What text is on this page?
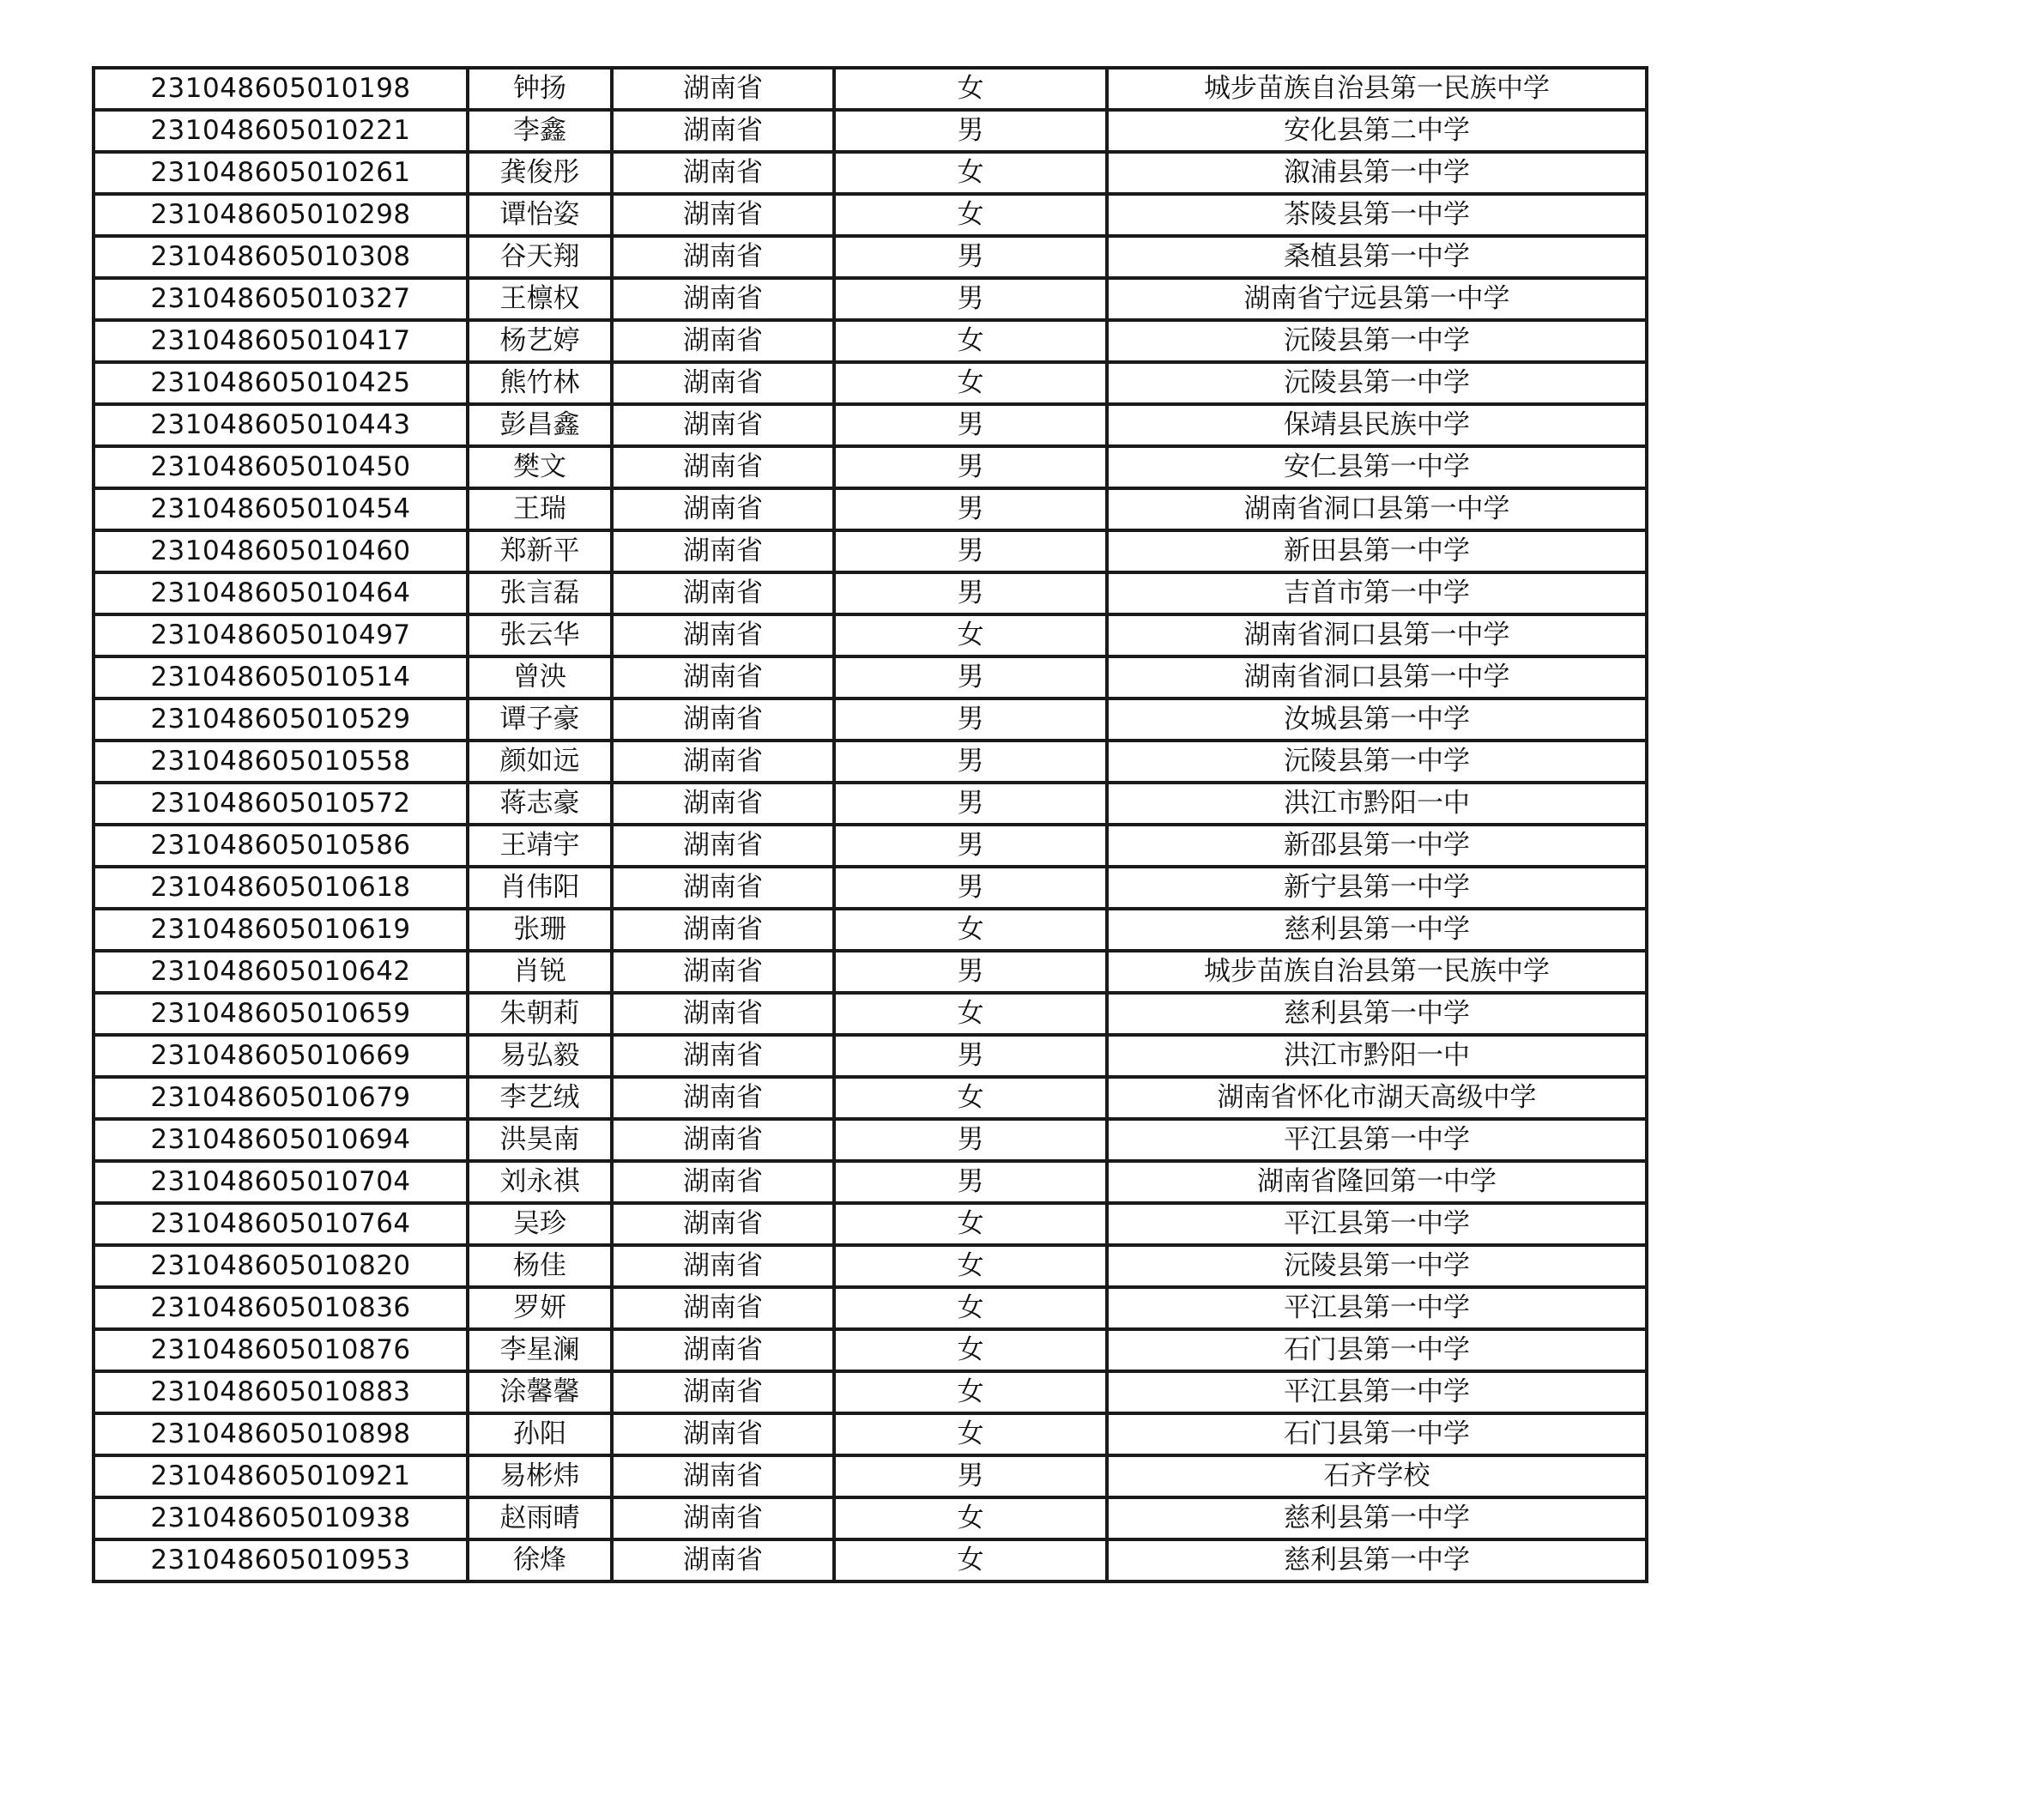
231048605010198	钟扬	湖南省	女	城步苗族自治县第一民族中学
231048605010221	李鑫	湖南省	男	安化县第二中学
231048605010261	龚俊彤	湖南省	女	溆浦县第一中学
231048605010298	谭怡姿	湖南省	女	茶陵县第一中学
231048605010308	谷天翔	湖南省	男	桑植县第一中学
231048605010327	王檩权	湖南省	男	湖南省宁远县第一中学
231048605010417	杨艺婷	湖南省	女	沅陵县第一中学
231048605010425	熊竹林	湖南省	女	沅陵县第一中学
231048605010443	彭昌鑫	湖南省	男	保靖县民族中学
231048605010450	樊文	湖南省	男	安仁县第一中学
231048605010454	王瑞	湖南省	男	湖南省洞口县第一中学
231048605010460	郑新平	湖南省	男	新田县第一中学
231048605010464	张言磊	湖南省	男	吉首市第一中学
231048605010497	张云华	湖南省	女	湖南省洞口县第一中学
231048605010514	曾泱	湖南省	男	湖南省洞口县第一中学
231048605010529	谭子豪	湖南省	男	汝城县第一中学
231048605010558	颜如远	湖南省	男	沅陵县第一中学
231048605010572	蒋志豪	湖南省	男	洪江市黔阳一中
231048605010586	王靖宇	湖南省	男	新邵县第一中学
231048605010618	肖伟阳	湖南省	男	新宁县第一中学
231048605010619	张珊	湖南省	女	慈利县第一中学
231048605010642	肖锐	湖南省	男	城步苗族自治县第一民族中学
231048605010659	朱朝莉	湖南省	女	慈利县第一中学
231048605010669	易弘毅	湖南省	男	洪江市黔阳一中
231048605010679	李艺绒	湖南省	女	湖南省怀化市湖天高级中学
231048605010694	洪昊南	湖南省	男	平江县第一中学
231048605010704	刘永祺	湖南省	男	湖南省隆回第一中学
231048605010764	吴珍	湖南省	女	平江县第一中学
231048605010820	杨佳	湖南省	女	沅陵县第一中学
231048605010836	罗妍	湖南省	女	平江县第一中学
231048605010876	李星澜	湖南省	女	石门县第一中学
231048605010883	涂馨馨	湖南省	女	平江县第一中学
231048605010898	孙阳	湖南省	女	石门县第一中学
231048605010921	易彬炜	湖南省	男	石齐学校
231048605010938	赵雨晴	湖南省	女	慈利县第一中学
231048605010953	徐烽	湖南省	女	慈利县第一中学
